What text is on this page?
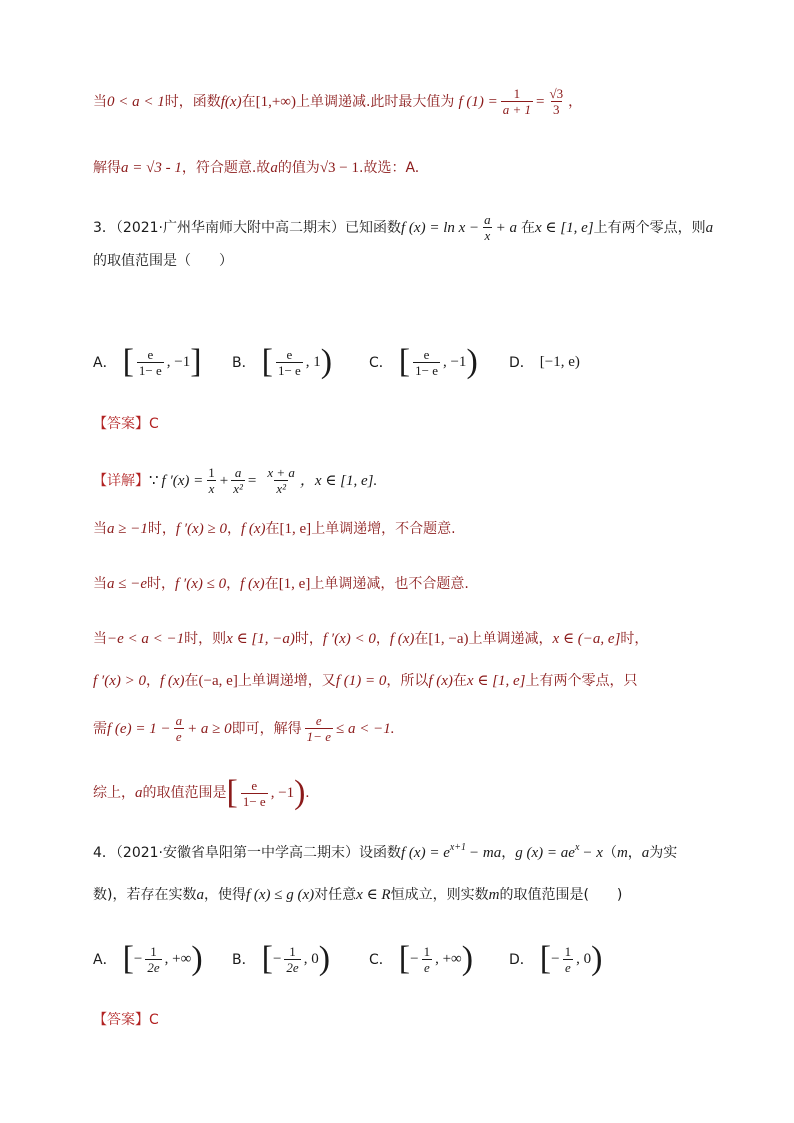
当 0 < a < 1 时，函数 f(x) 在 [1,+∞) 上单调递减.此时最大值为 f $(1) = \frac{1}{a + 1} = \frac{√3}{3}$ ，
解得 a = √3 - 1 ，符合题意.故 a 的值为 √3 − 1 .故选：A.
3．（2021·广州华南师大附中高二期末）已知函数 f $(x) = \ln x - \frac{a}{x} + a$ 在 x ∈ [1, e] 上有两个零点，则 a
的取值范围是（　　）
A． [ $\frac{e}{1- e}$ , −1 ] B． [ $\frac{e}{1- e}$ , 1 )	C． [ $\frac{e}{1- e}$ , −1 ) D． [−1, e)
【答案】C
【详解】 ∵ f $'(x) = \frac{1}{x} + \frac{a}{\text{x²}} = \frac{x + a}{\text{x²}}$ ，x ∈ [1, e].
当 a ≥ −1 时， f ′(x) ≥ 0 ， f (x) 在 [1, e] 上单调递增，不合题意.
当 a ≤ −e 时， f ′(x) ≤ 0 ， f (x) 在 [1, e] 上单调递减，也不合题意.
当 −e < a < −1 时，则 x ∈ [1, −a) 时， f ′(x) < 0 ， f (x) 在 [1, −a) 上单调递减， x ∈ (−a, e] 时，
f ′(x) > 0 ， f (x) 在 (−a, e] 上单调递增，又 f (1) = 0 ，所以 f (x) 在 x ∈ [1, e] 上有两个零点，只
需 f $(e) = 1 - \frac{a}{e} + a \ge 0$ 即可，解得 $\frac{e}{1- e} \le a < -1$.
综上， a 的取值范围是 [ $\frac{e}{1- e}$ , −1 ) .
4．（2021·安徽省阜阳第一中学高二期末）设函数 f $(x) = e^{x+1}$ − ma ， g $(x) = ae^x - x$ （ m ， a 为实
数)，若存在实数 a ，使得 f (x) ≤ g (x) 对任意 x ∈ R 恒成立，则实数 m 的取值范围是(　　)
A． [ − $\frac{1}{2e}$ , +∞ ) B． [ − $\frac{1}{2e}$ , 0 )	C． [ − $\frac{1}{e}$ , +∞ )	D． [ − $\frac{1}{e}$ , 0 )
【答案】C
